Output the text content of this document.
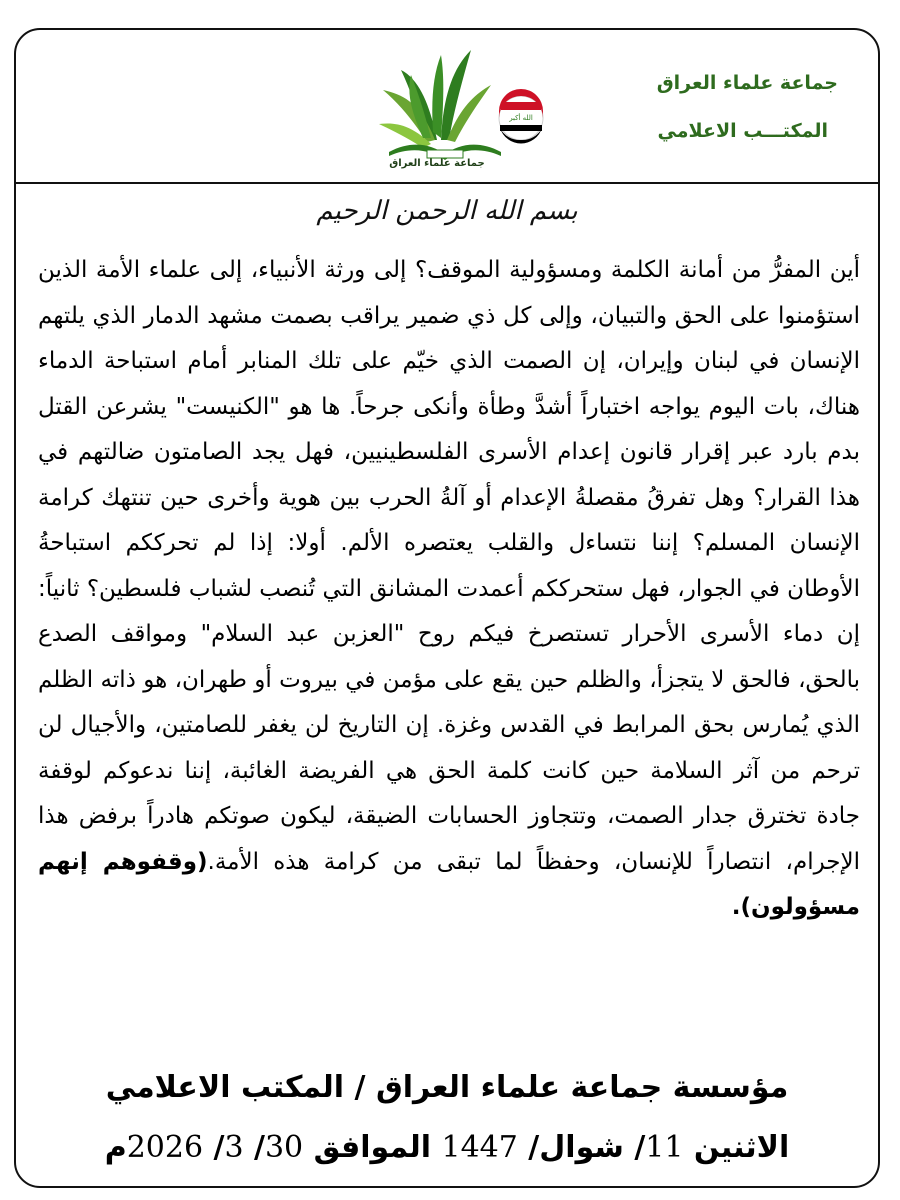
جماعة علماء العراق
المكتـــب الاعلامي
الله أكبر
جماعة علماء العراق
بسم الله الرحمن الرحيم
أين المفرُّ من أمانة الكلمة ومسؤولية الموقف؟ إلى ورثة الأنبياء، إلى علماء الأمة الذين استؤمنوا على الحق والتبيان، وإلى كل ذي ضمير يراقب بصمت مشهد الدمار الذي يلتهم الإنسان في لبنان وإيران، إن الصمت الذي خيّم على تلك المنابر أمام استباحة الدماء هناك، بات اليوم يواجه اختباراً أشدَّ وطأة وأنكى جرحاً. ها هو "الكنيست" يشرعن القتل بدم بارد عبر إقرار قانون إعدام الأسرى الفلسطينيين، فهل يجد الصامتون ضالتهم في هذا القرار؟ وهل تفرقُ مقصلةُ الإعدام أو آلةُ الحرب بين هوية وأخرى حين تنتهك كرامة الإنسان المسلم؟ إننا نتساءل والقلب يعتصره الألم. أولا: إذا لم تحرككم استباحةُ الأوطان في الجوار، فهل ستحرككم أعمدت المشانق التي تُنصب لشباب فلسطين؟ ثانياً: إن دماء الأسرى الأحرار تستصرخ فيكم روح "العزبن عبد السلام" ومواقف الصدع بالحق، فالحق لا يتجزأ، والظلم حين يقع على مؤمن في بيروت أو طهران، هو ذاته الظلم الذي يُمارس بحق المرابط في القدس وغزة. إن التاريخ لن يغفر للصامتين، والأجيال لن ترحم من آثر السلامة حين كانت كلمة الحق هي الفريضة الغائبة، إننا ندعوكم لوقفة جادة تخترق جدار الصمت، وتتجاوز الحسابات الضيقة، ليكون صوتكم هادراً برفض هذا الإجرام، انتصاراً للإنسان، وحفظاً لما تبقى من كرامة هذه الأمة.(وقفوهم إنهم مسؤولون).
مؤسسة جماعة علماء العراق / المكتب الاعلامي
الاثنين 11/ شوال/ 1447 الموافق 30/ 3/ 2026م
